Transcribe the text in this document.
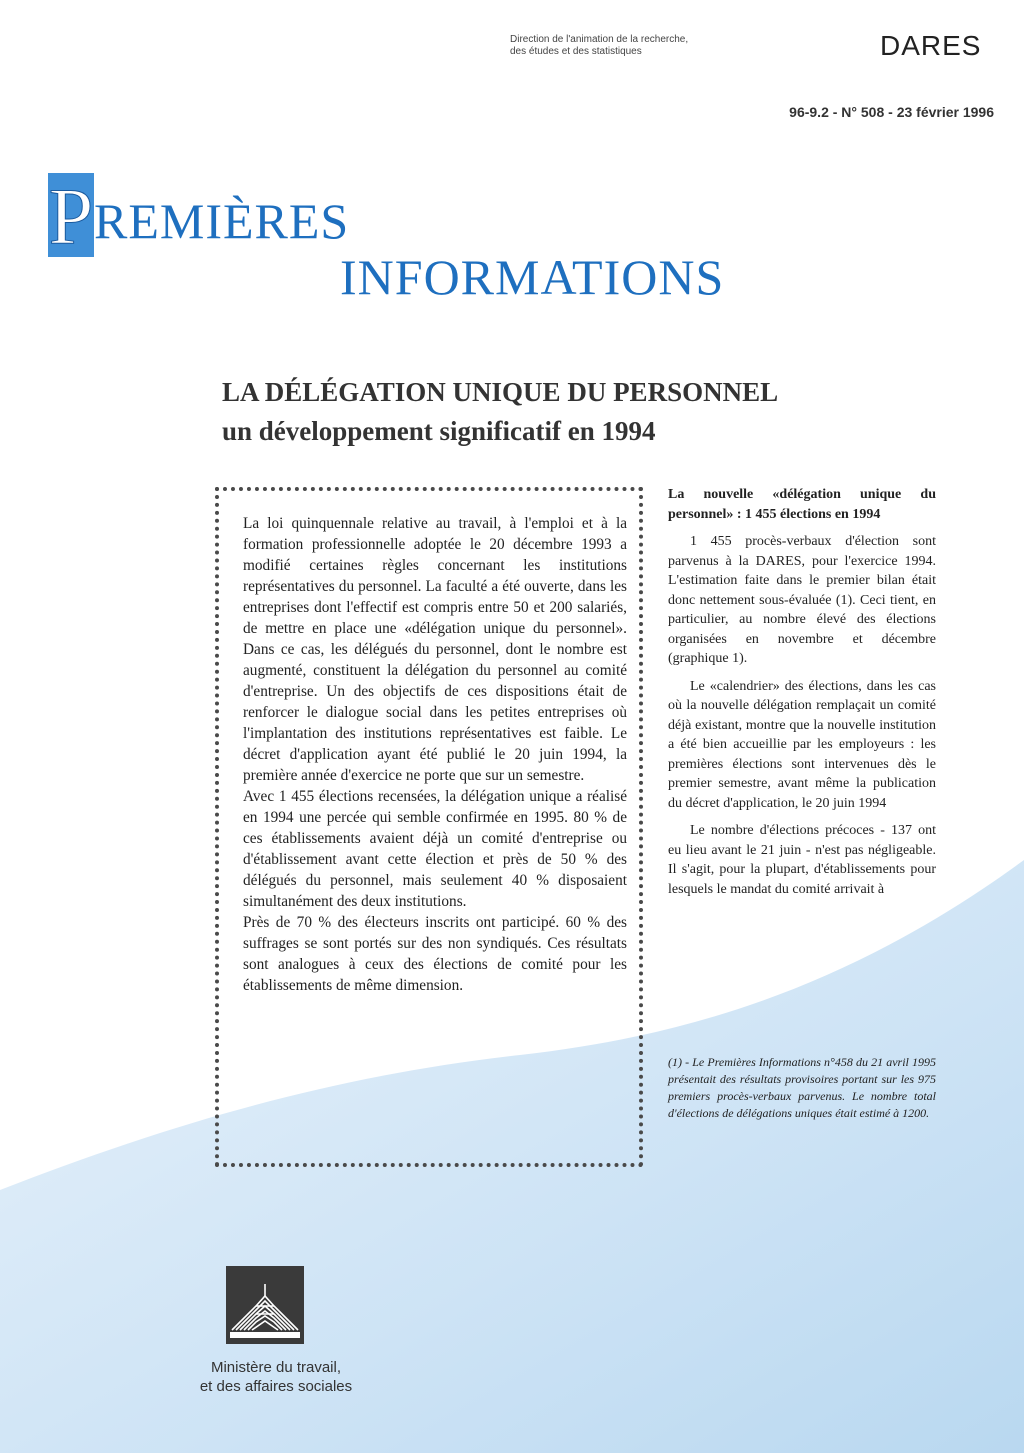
Direction de l'animation de la recherche,
des études et des statistiques	DARES
96-9.2 - N° 508 - 23 février 1996
P REMIÈRES
INFORMATIONS
LA DÉLÉGATION UNIQUE DU PERSONNEL
un développement significatif en 1994

La loi quinquennale relative au travail, à l'emploi et à la formation professionnelle adoptée le 20 décembre 1993 a modifié certaines règles concernant les institutions représentatives du personnel. La faculté a été ouverte, dans les entreprises dont l'effectif est compris entre 50 et 200 salariés, de mettre en place une «délégation unique du personnel». Dans ce cas, les délégués du personnel, dont le nombre est augmenté, constituent la délégation du personnel au comité d'entreprise. Un des objectifs de ces dispositions était de renforcer le dialogue social dans les petites entreprises où l'implantation des institutions représentatives est faible. Le décret d'application ayant été publié le 20 juin 1994, la première année d'exercice ne porte que sur un semestre.

Avec 1 455 élections recensées, la délégation unique a réalisé en 1994 une percée qui semble confirmée en 1995. 80 % de ces établissements avaient déjà un comité d'entreprise ou d'établissement avant cette élection et près de 50 % des délégués du personnel, mais seulement 40 % disposaient simultanément des deux institutions.

Près de 70 % des électeurs inscrits ont participé. 60 % des suffrages se sont portés sur des non syndiqués. Ces résultats sont analogues à ceux des élections de comité pour les établissements de même dimension.

La nouvelle «délégation unique du personnel» : 1 455 élections en 1994

1 455 procès-verbaux d'élection sont parvenus à la DARES, pour l'exercice 1994. L'estimation faite dans le premier bilan était donc nettement sous-évaluée (1). Ceci tient, en particulier, au nombre élevé des élections organisées en novembre et décembre (graphique 1).

Le «calendrier» des élections, dans les cas où la nouvelle délégation remplaçait un comité déjà existant, montre que la nouvelle institution a été bien accueillie par les employeurs : les premières élections sont intervenues dès le premier semestre, avant même la publication du décret d'application, le 20 juin 1994

Le nombre d'élections précoces - 137 ont eu lieu avant le 21 juin - n'est pas négligeable. Il s'agit, pour la plupart, d'établissements pour lesquels le mandat du comité arrivait à

(1) - Le Premières Informations n°458 du 21 avril 1995 présentait des résultats provisoires portant sur les 975 premiers procès-verbaux parvenus. Le nombre total d'élections de délégations uniques était estimé à 1200.

Ministère du travail,
et des affaires sociales
